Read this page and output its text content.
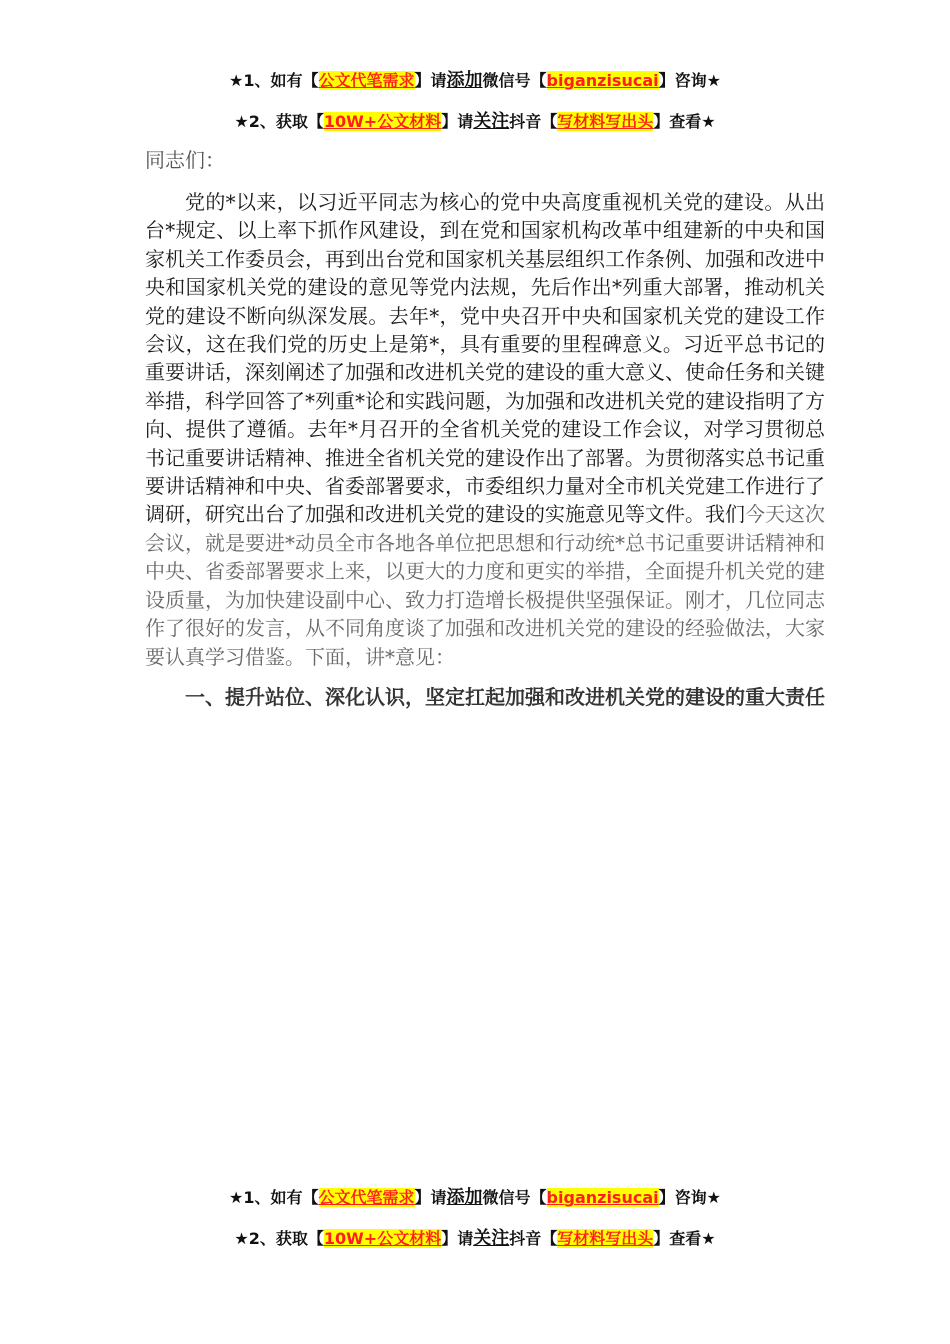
★1、如有【公文代笔需求】请添加微信号【biganzisucai】咨询★
★2、获取【10W+公文材料】请关注抖音【写材料写出头】查看★
同志们：

党的*以来，以习近平同志为核心的党中央高度重视机关党的建设。从出台*规定、以上率下抓作风建设，到在党和国家机构改革中组建新的中央和国家机关工作委员会，再到出台党和国家机关基层组织工作条例、加强和改进中央和国家机关党的建设的意见等党内法规，先后作出*列重大部署，推动机关党的建设不断向纵深发展。去年*，党中央召开中央和国家机关党的建设工作会议，这在我们党的历史上是第*，具有重要的里程碑意义。习近平总书记的重要讲话，深刻阐述了加强和改进机关党的建设的重大意义、使命任务和关键举措，科学回答了*列重*论和实践问题，为加强和改进机关党的建设指明了方向、提供了遵循。去年*月召开的全省机关党的建设工作会议，对学习贯彻总书记重要讲话精神、推进全省机关党的建设作出了部署。为贯彻落实总书记重要讲话精神和中央、省委部署要求，市委组织力量对全市机关党建工作进行了调研，研究出台了加强和改进机关党的建设的实施意见等文件。我们今天这次会议，就是要进*动员全市各地各单位把思想和行动统*总书记重要讲话精神和中央、省委部署要求上来，以更大的力度和更实的举措，全面提升机关党的建设质量，为加快建设副中心、致力打造增长极提供坚强保证。刚才，几位同志作了很好的发言，从不同角度谈了加强和改进机关党的建设的经验做法，大家要认真学习借鉴。下面，讲*意见：

一、提升站位、深化认识，坚定扛起加强和改进机关党的建设的重大责任
★1、如有【公文代笔需求】请添加微信号【biganzisucai】咨询★
★2、获取【10W+公文材料】请关注抖音【写材料写出头】查看★
